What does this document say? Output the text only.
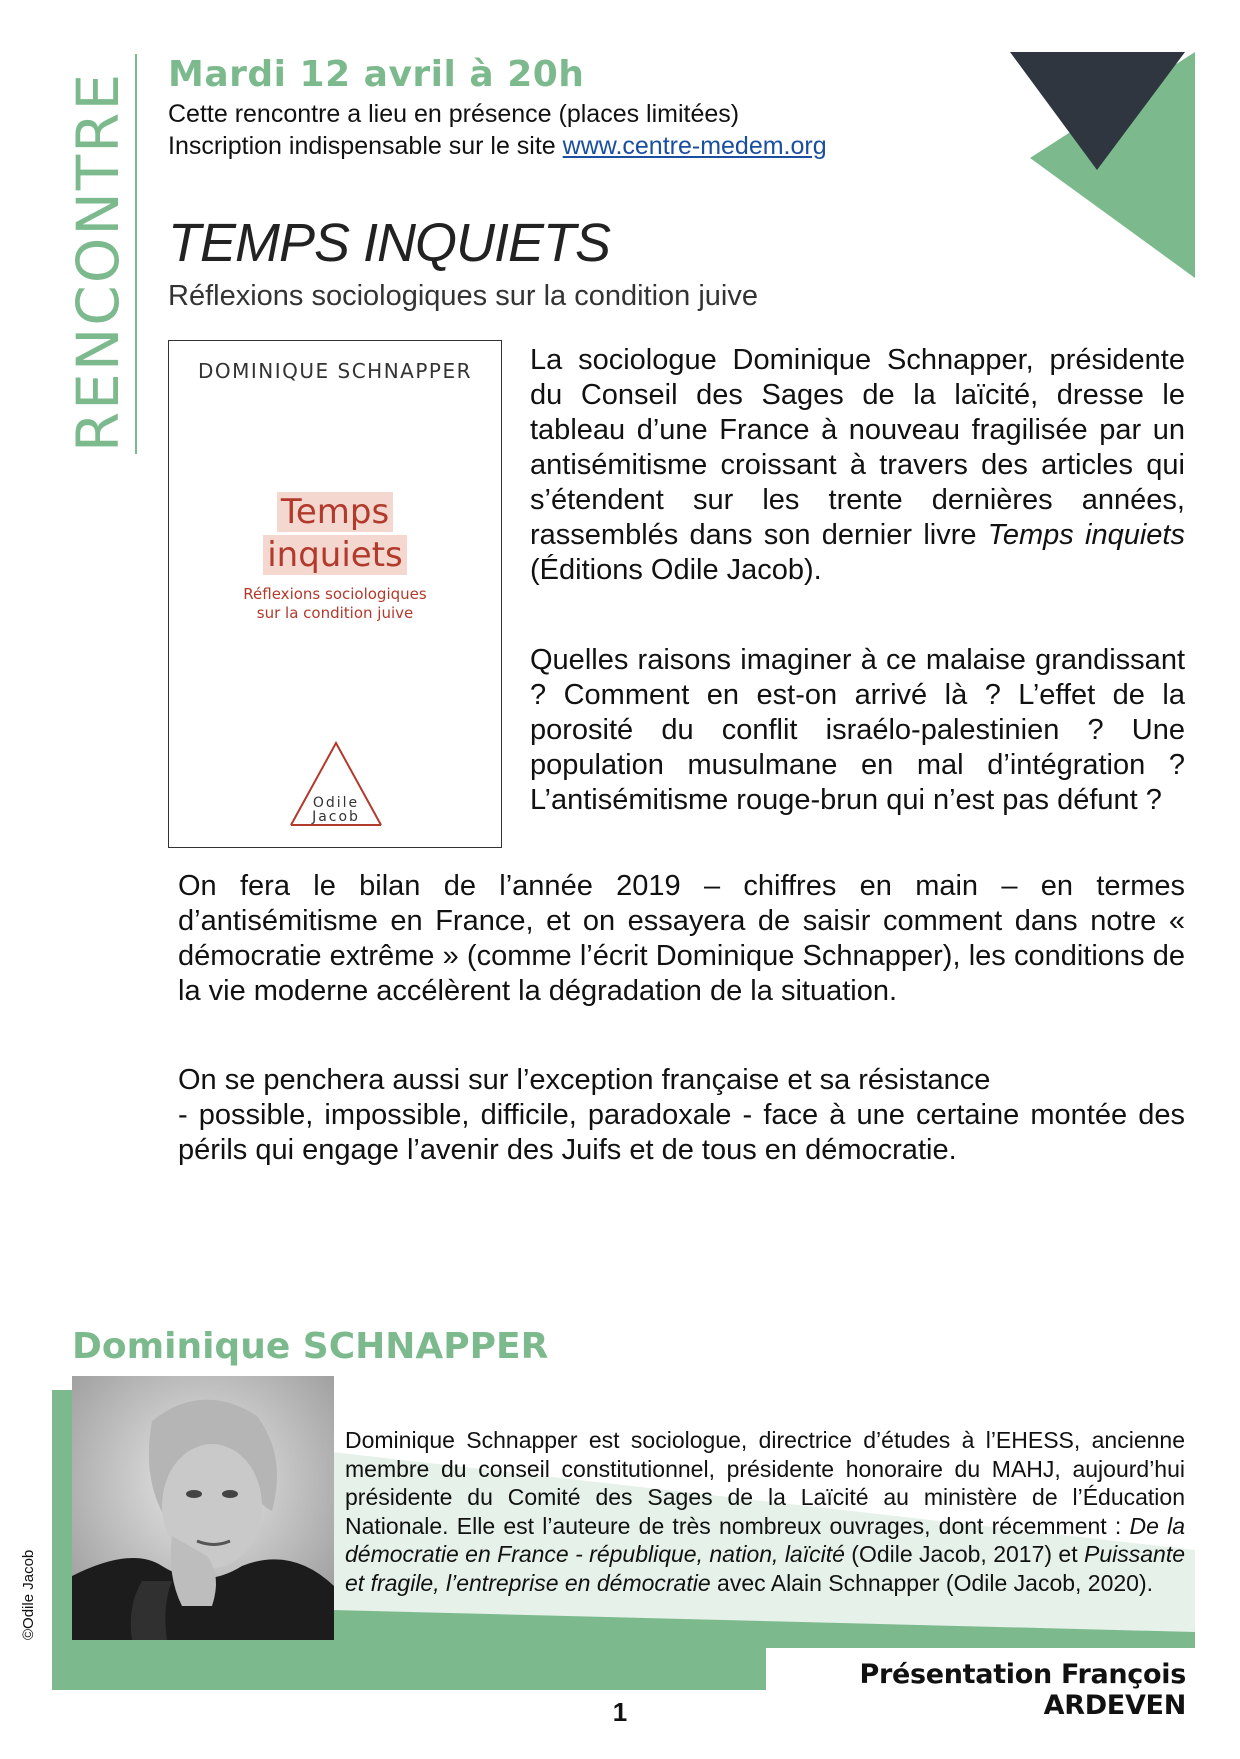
RENCONTRE Mardi 12 avril à 20h
Cette rencontre a lieu en présence (places limitées)
Inscription indispensable sur le site www.centre-medem.org
TEMPS INQUIETS
Réflexions sociologiques sur la condition juive
DOMINIQUE SCHNAPPER
Temps
inquiets
Réflexions sociologiques
sur la condition juive
Odile
Jacob
La sociologue Dominique Schnapper, présidente du Conseil des Sages de la laïcité, dresse le tableau d’une France à nouveau fragilisée par un antisémitisme croissant à travers des articles qui s’étendent sur les trente dernières années, rassemblés dans son dernier livre Temps inquiets (Éditions Odile Jacob).
Quelles raisons imaginer à ce malaise grandissant ? Comment en est-on arrivé là ? L’effet de la porosité du conflit israélo-palestinien ? Une population musulmane en mal d’intégration ? L’antisémitisme rouge-brun qui n’est pas défunt ?
On fera le bilan de l’année 2019 – chiffres en main – en termes d’antisémitisme en France, et on essayera de saisir comment dans notre « démocratie extrême » (comme l’écrit Dominique Schnapper), les conditions de la vie moderne accélèrent la dégradation de la situation.
On se penchera aussi sur l’exception française et sa résistance
- possible, impossible, difficile, paradoxale - face à une certaine montée des périls qui engage l’avenir des Juifs et de tous en démocratie.
Dominique SCHNAPPER
Dominique Schnapper est sociologue, directrice d’études à l’EHESS, ancienne membre du conseil constitutionnel, présidente honoraire du MAHJ, aujourd’hui présidente du Comité des Sages de la Laïcité au ministère de l’Éducation Nationale. Elle est l’auteure de très nombreux ouvrages, dont récemment : De la démocratie en France - république, nation, laïcité (Odile Jacob, 2017) et Puissante et fragile, l’entreprise en démocratie avec Alain Schnapper (Odile Jacob, 2020).
©Odile Jacob
Présentation François ARDEVEN
1
